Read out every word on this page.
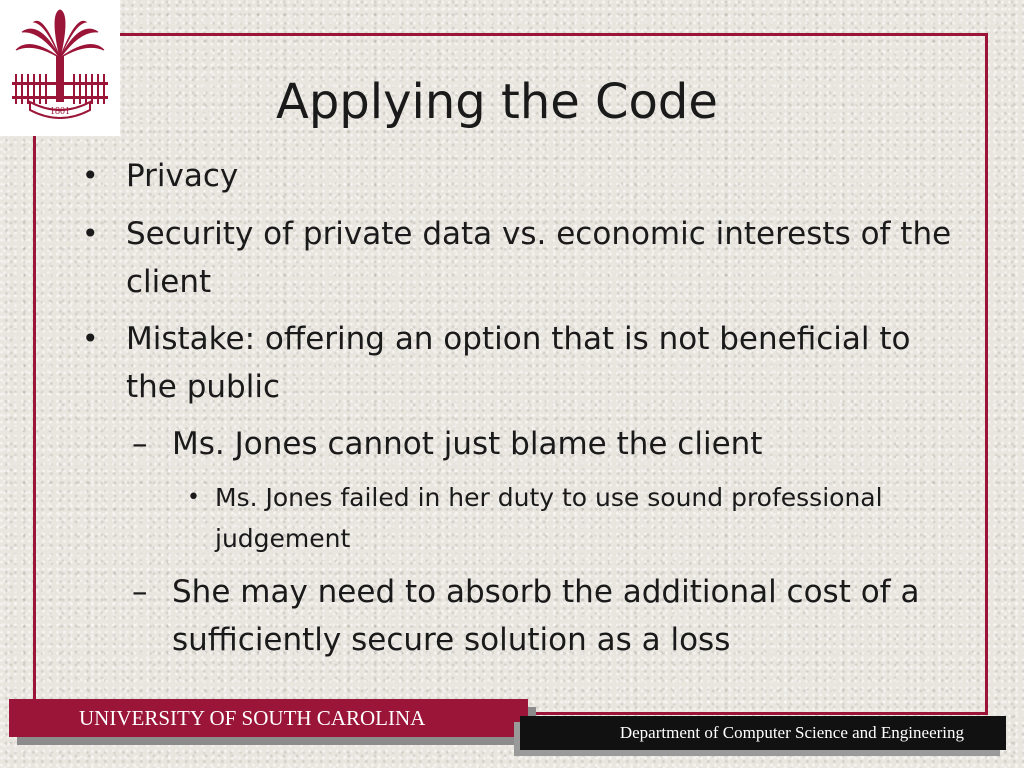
1801	Applying the Code
• Privacy
• Security of private data vs. economic interests of the client
• Mistake: offering an option that is not beneficial to the public
– Ms. Jones cannot just blame the client
• Ms. Jones failed in her duty to use sound professional judgement
– She may need to absorb the additional cost of a sufficiently secure solution as a loss
UNIVERSITY OF SOUTH CAROLINA
Department of Computer Science and Engineering
